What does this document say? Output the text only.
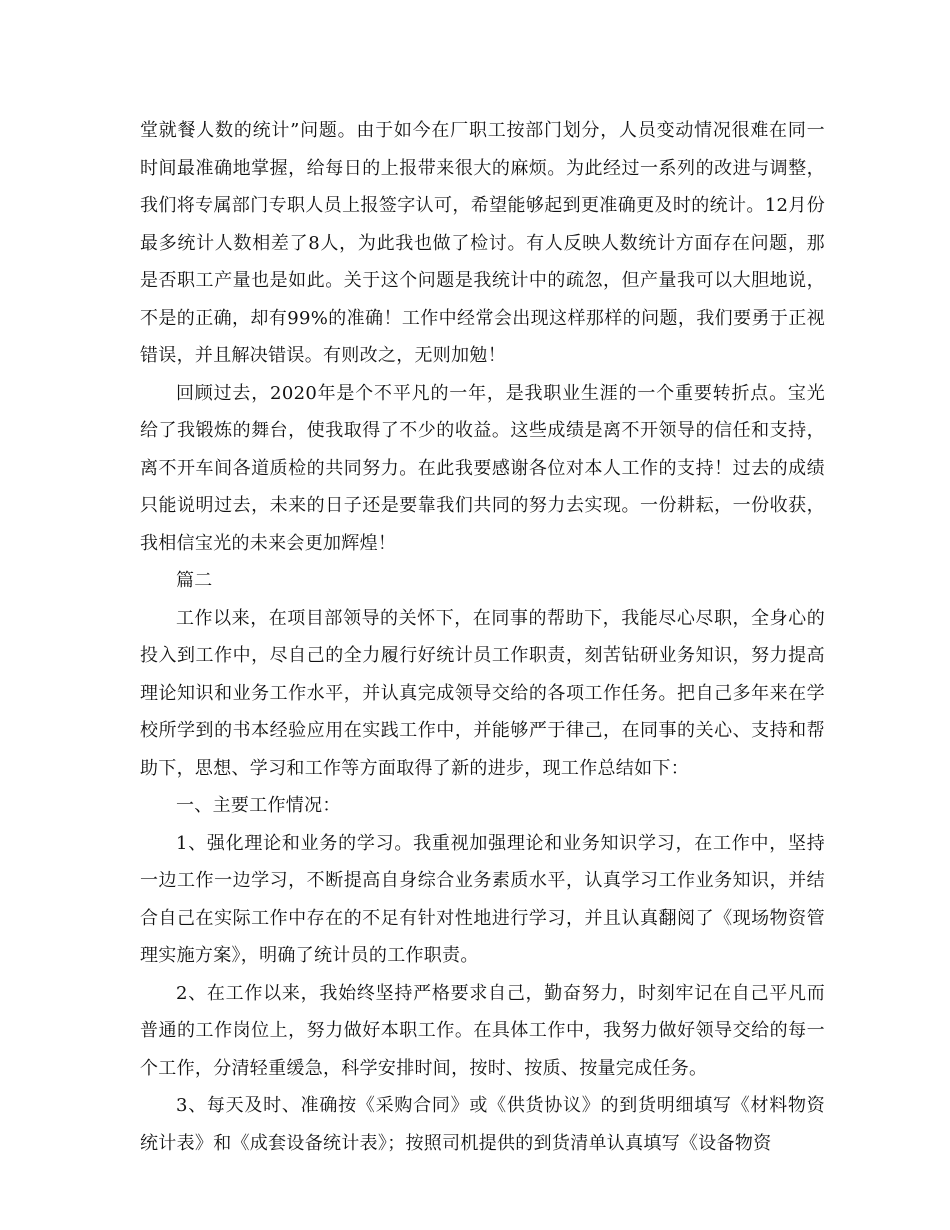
堂就餐人数的统计”问题。由于如今在厂职工按部门划分，人员变动情况很难在同一时间最准确地掌握，给每日的上报带来很大的麻烦。为此经过一系列的改进与调整，我们将专属部门专职人员上报签字认可，希望能够起到更准确更及时的统计。12月份最多统计人数相差了8人，为此我也做了检讨。有人反映人数统计方面存在问题，那是否职工产量也是如此。关于这个问题是我统计中的疏忽，但产量我可以大胆地说，不是的正确，却有99%的准确！工作中经常会出现这样那样的问题，我们要勇于正视错误，并且解决错误。有则改之，无则加勉！

回顾过去，2020年是个不平凡的一年，是我职业生涯的一个重要转折点。宝光给了我锻炼的舞台，使我取得了不少的收益。这些成绩是离不开领导的信任和支持，离不开车间各道质检的共同努力。在此我要感谢各位对本人工作的支持！过去的成绩只能说明过去，未来的日子还是要靠我们共同的努力去实现。一份耕耘，一份收获，我相信宝光的未来会更加辉煌！

篇二

工作以来，在项目部领导的关怀下，在同事的帮助下，我能尽心尽职，全身心的投入到工作中，尽自己的全力履行好统计员工作职责，刻苦钻研业务知识，努力提高理论知识和业务工作水平，并认真完成领导交给的各项工作任务。把自己多年来在学校所学到的书本经验应用在实践工作中，并能够严于律己，在同事的关心、支持和帮助下，思想、学习和工作等方面取得了新的进步，现工作总结如下：

一、主要工作情况：

1、强化理论和业务的学习。我重视加强理论和业务知识学习，在工作中，坚持一边工作一边学习，不断提高自身综合业务素质水平，认真学习工作业务知识，并结合自己在实际工作中存在的不足有针对性地进行学习，并且认真翻阅了《现场物资管理实施方案》，明确了统计员的工作职责。

2、在工作以来，我始终坚持严格要求自己，勤奋努力，时刻牢记在自己平凡而普通的工作岗位上，努力做好本职工作。在具体工作中，我努力做好领导交给的每一个工作，分清轻重缓急，科学安排时间，按时、按质、按量完成任务。

3、每天及时、准确按《采购合同》或《供货协议》的到货明细填写《材料物资统计表》和《成套设备统计表》；按照司机提供的到货清单认真填写《设备物资
